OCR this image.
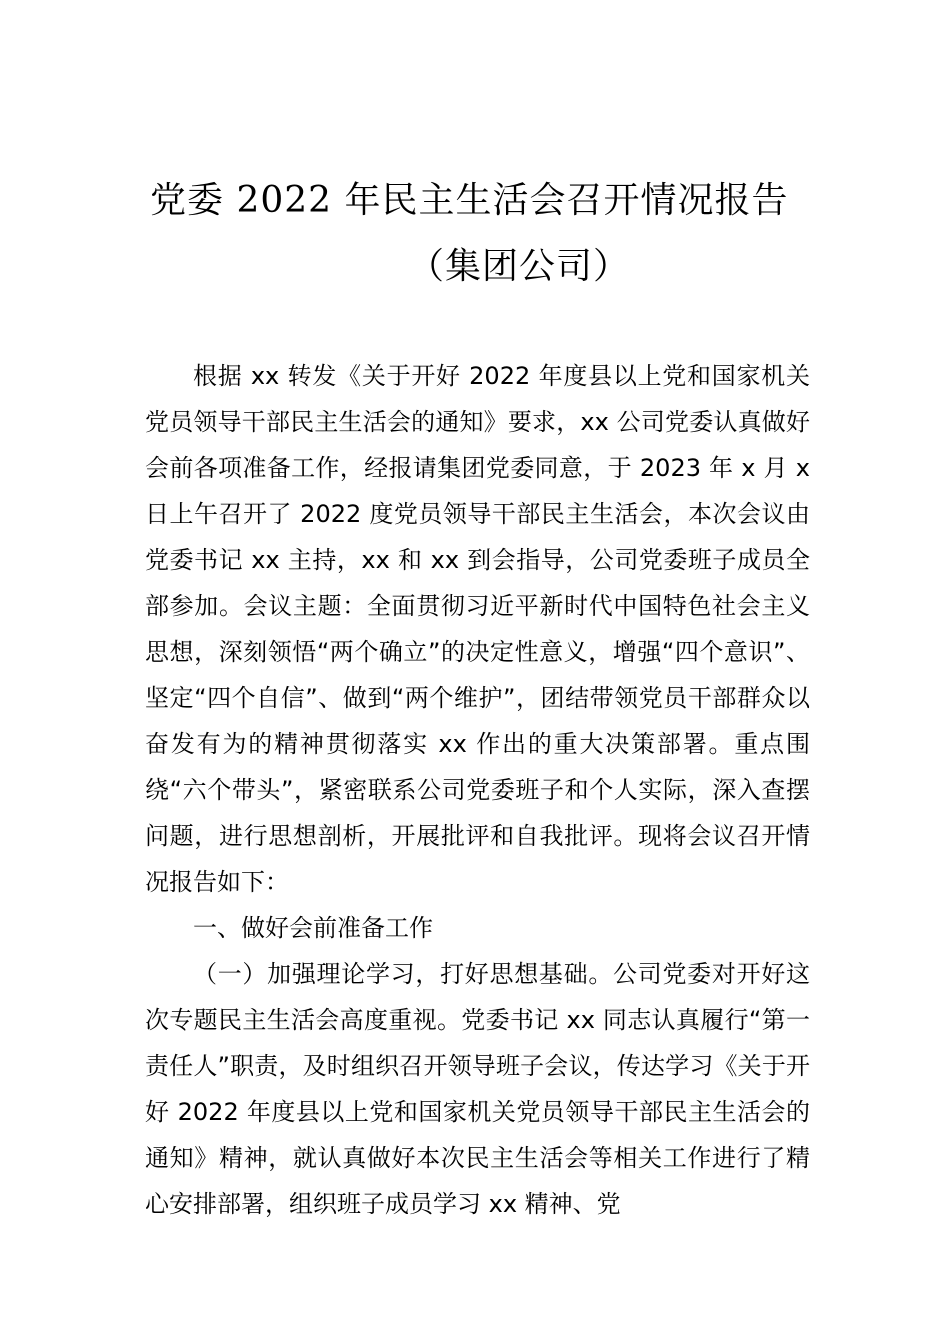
党委 2022 年民主生活会召开情况报告
（集团公司）

根据 xx 转发《关于开好 2022 年度县以上党和国家机关党员领导干部民主生活会的通知》要求，xx 公司党委认真做好会前各项准备工作，经报请集团党委同意，于 2023 年 x 月 x 日上午召开了 2022 度党员领导干部民主生活会，本次会议由党委书记 xx 主持，xx 和 xx 到会指导，公司党委班子成员全部参加。会议主题：全面贯彻习近平新时代中国特色社会主义思想，深刻领悟“两个确立”的决定性意义，增强“四个意识”、坚定“四个自信”、做到“两个维护”，团结带领党员干部群众以奋发有为的精神贯彻落实 xx 作出的重大决策部署。重点围绕“六个带头”，紧密联系公司党委班子和个人实际，深入查摆问题，进行思想剖析，开展批评和自我批评。现将会议召开情况报告如下：

一、做好会前准备工作

（一）加强理论学习，打好思想基础。公司党委对开好这次专题民主生活会高度重视。党委书记 xx 同志认真履行“第一责任人”职责，及时组织召开领导班子会议，传达学习《关于开好 2022 年度县以上党和国家机关党员领导干部民主生活会的通知》精神，就认真做好本次民主生活会等相关工作进行了精心安排部署，组织班子成员学习 xx 精神、党
